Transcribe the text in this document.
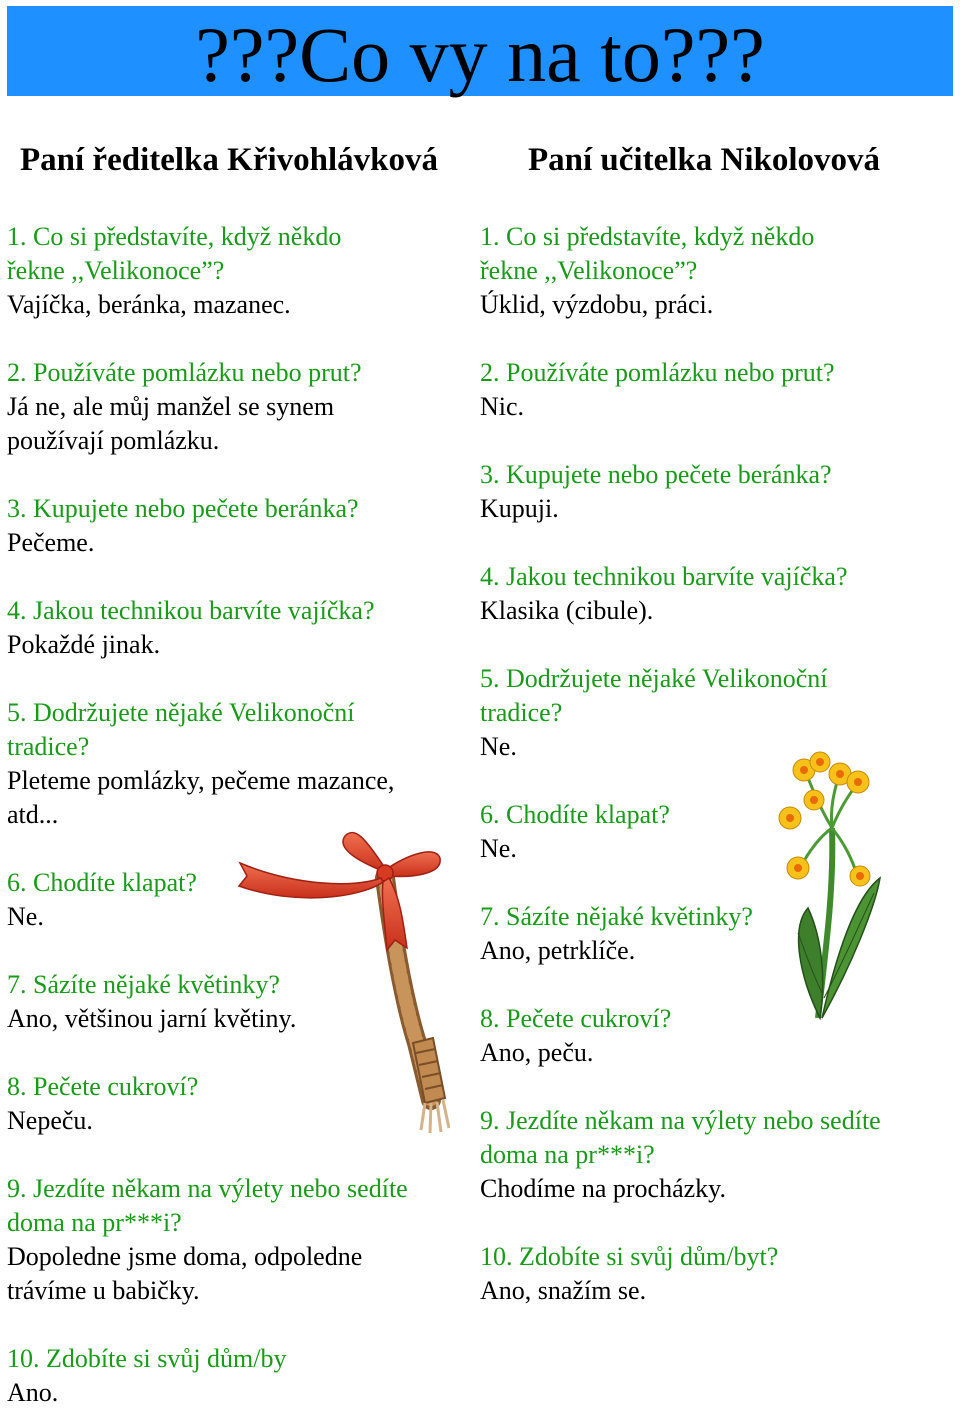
???Co vy na to???
Paní ředitelka Křivohlávková	Paní učitelka Nikolovová
1. Co si představíte, když někdo
řekne ,,Velikonoce”?
Vajíčka, beránka, mazanec.
2. Používáte pomlázku nebo prut?
Já ne, ale můj manžel se synem
používají pomlázku.
3. Kupujete nebo pečete beránka?
Pečeme.
4. Jakou technikou barvíte vajíčka?
Pokaždé jinak.
5. Dodržujete nějaké Velikonoční
tradice?
Pleteme pomlázky, pečeme mazance,
atd...
6. Chodíte klapat?
Ne.
7. Sázíte nějaké květinky?
Ano, většinou jarní květiny.
8. Pečete cukroví?
Nepeču.
9. Jezdíte někam na výlety nebo sedíte
doma na pr***i?
Dopoledne jsme doma, odpoledne
trávíme u babičky.
10. Zdobíte si svůj dům/by
Ano.
1. Co si představíte, když někdo
řekne ,,Velikonoce”?
Úklid, výzdobu, práci.
2. Používáte pomlázku nebo prut?
Nic.
3. Kupujete nebo pečete beránka?
Kupuji.
4. Jakou technikou barvíte vajíčka?
Klasika (cibule).
5. Dodržujete nějaké Velikonoční
tradice?
Ne.
6. Chodíte klapat?
Ne.
7. Sázíte nějaké květinky?
Ano, petrklíče.
8. Pečete cukroví?
Ano, peču.
9. Jezdíte někam na výlety nebo sedíte
doma na pr***i?
Chodíme na procházky.
10. Zdobíte si svůj dům/byt?
Ano, snažím se.
